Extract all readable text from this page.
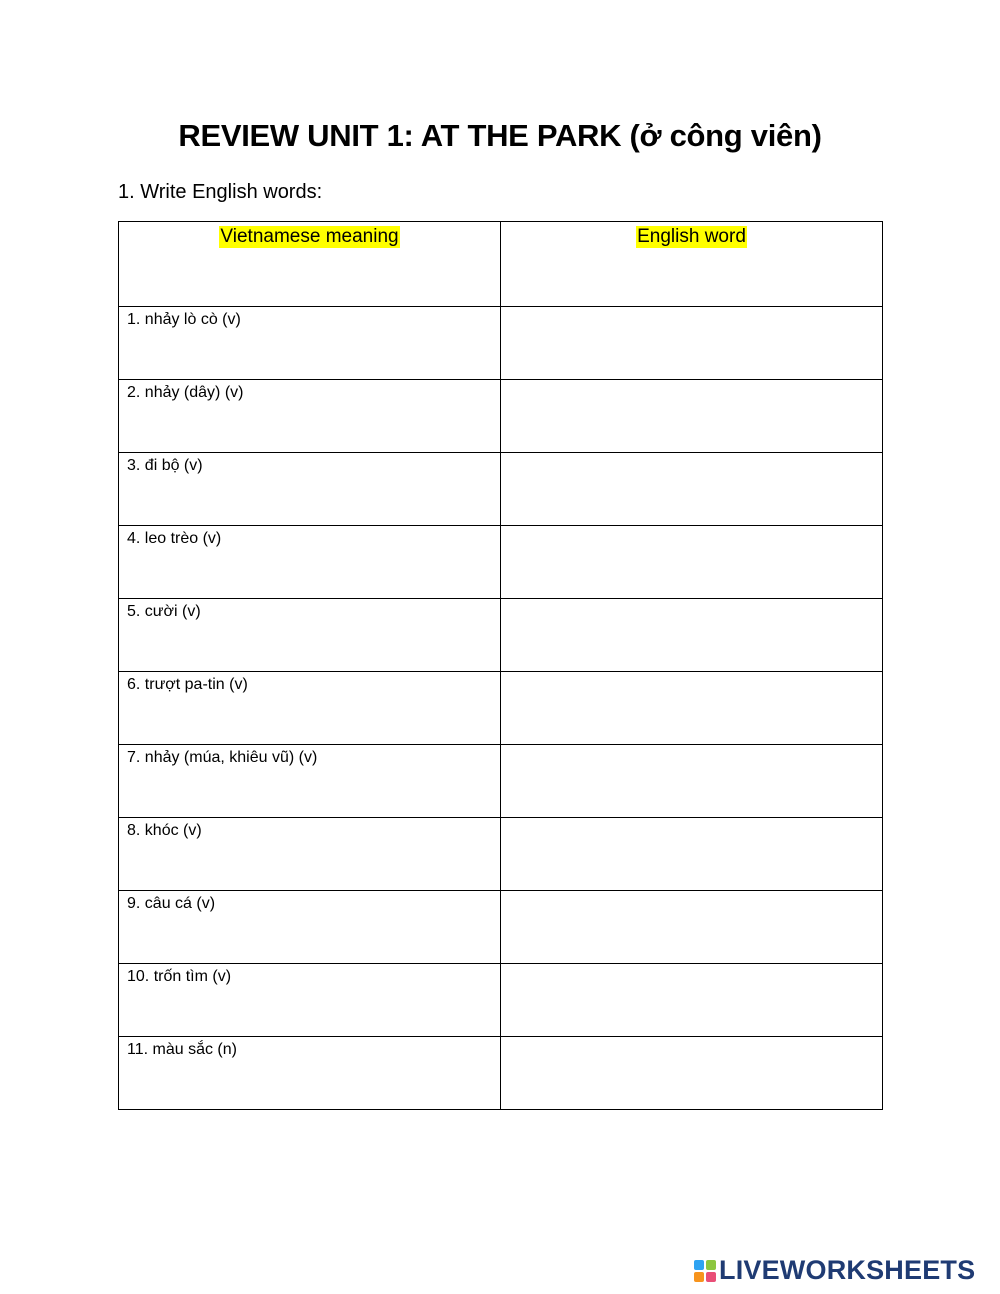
REVIEW UNIT 1: AT THE PARK (ở công viên)
1. Write English words:
Vietnamese meaning	English word

1. nhảy lò cò (v)	

2. nhảy (dây) (v)	

3. đi bộ (v)	

4. leo trèo (v)	

5. cười (v)	

6. trượt pa-tin (v)	

7. nhảy (múa, khiêu vũ) (v)	

8. khóc (v)	

9. câu cá (v)	

10. trốn tìm (v)	

11. màu sắc (n)	

LIVEWORKSHEETS
